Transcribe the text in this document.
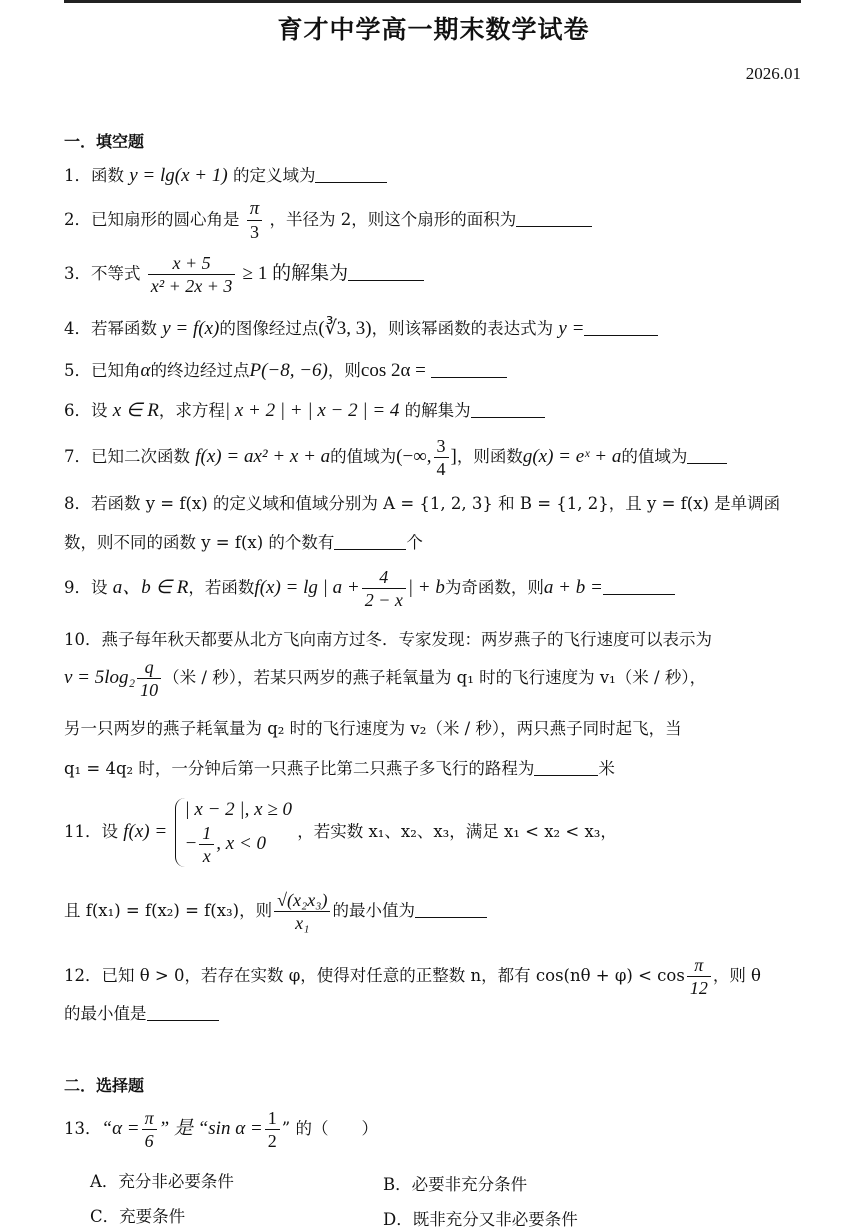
育才中学高一期末数学试卷
2026.01
一．填空题
1．函数 y = lg(x + 1) 的定义域为
2．已知扇形的圆心角是 $\frac{\pi}{3}$ ，半径为 2，则这个扇形的面积为
3．不等式 $\frac{x + 5}{\text{x² + 2x + 3}} \ge 1$ 的解集为
4．若幂函数 y = f(x)的图像经过点(∛3, 3)，则该幂函数的表达式为 y =
5．已知角α的终边经过点P(−8, −6)，则cos 2α =
6．设 x ∈ R，求方程| x + 2 | + | x − 2 | = 4 的解集为
7．已知二次函数 f(x) = ax² + x + a的值域为(−∞, $\frac{3}{4}$ ]，则函数g(x) = eˣ + a的值域为
8．若函数 y = f(x) 的定义域和值域分别为 A = {1, 2, 3} 和 B = {1, 2}，且 y = f(x) 是单调函
数，则不同的函数 y = f(x) 的个数有	个
9．设 a、b ∈ R，若函数f(x) = lg | $a + \frac{4}{2 - x}$ | + b为奇函数，则a + b =
10．燕子每年秋天都要从北方飞向南方过冬．专家发现：两岁燕子的飞行速度可以表示为
$v = 5\log_2 \frac{q}{10}$ （米 / 秒），若某只两岁的燕子耗氧量为 q₁ 时的飞行速度为 v₁（米 / 秒），
另一只两岁的燕子耗氧量为 q₂ 时的飞行速度为 v₂（米 / 秒），两只燕子同时起飞，当
q₁ = 4q₂ 时，一分钟后第一只燕子比第二只燕子多飞行的路程为	米
11．设 f(x) =
| x − 2 |, x ≥ 0
− $\frac{1}{x}$ , x < 0
，若实数 x₁、x₂、x₃，满足 x₁ < x₂ < x₃，
且 f(x₁) = f(x₂) = f(x₃)，则 $\frac{\text{√(x₂x₃)}}{\text{x₁}}$ 的最小值为
12．已知 θ > 0，若存在实数 φ，使得对任意的正整数 n，都有 $\cos(n\theta + \varphi) < \cos \frac{\pi}{12}$ ，则 θ
的最小值是
二．选择题
13．“$\alpha = \frac{\pi}{6}$ ” 是 “sin $\alpha = \frac{1}{2}$ ” 的（　　）
A．充分非必要条件	B．必要非充分条件
C．充要条件	D．既非充分又非必要条件
